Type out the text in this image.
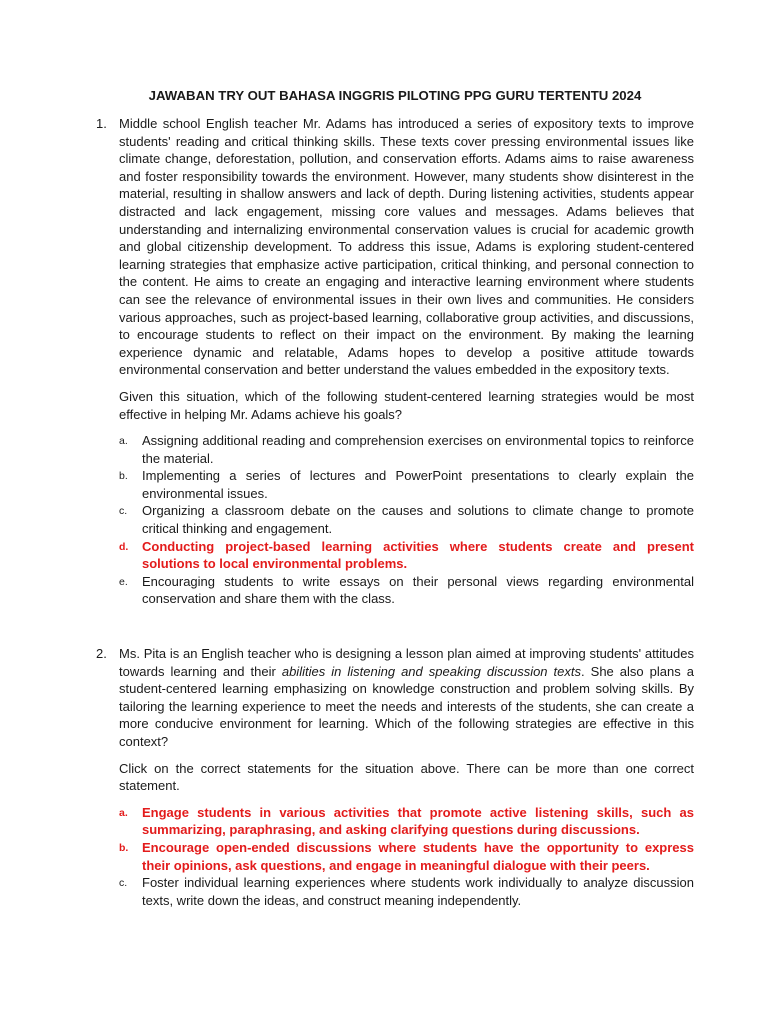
JAWABAN TRY OUT BAHASA INGGRIS PILOTING PPG GURU TERTENTU 2024
1. Middle school English teacher Mr. Adams has introduced a series of expository texts to improve students' reading and critical thinking skills. These texts cover pressing environmental issues like climate change, deforestation, pollution, and conservation efforts. Adams aims to raise awareness and foster responsibility towards the environment. However, many students show disinterest in the material, resulting in shallow answers and lack of depth. During listening activities, students appear distracted and lack engagement, missing core values and messages. Adams believes that understanding and internalizing environmental conservation values is crucial for academic growth and global citizenship development. To address this issue, Adams is exploring student-centered learning strategies that emphasize active participation, critical thinking, and personal connection to the content. He aims to create an engaging and interactive learning environment where students can see the relevance of environmental issues in their own lives and communities. He considers various approaches, such as project-based learning, collaborative group activities, and discussions, to encourage students to reflect on their impact on the environment. By making the learning experience dynamic and relatable, Adams hopes to develop a positive attitude towards environmental conservation and better understand the values embedded in the expository texts.

Given this situation, which of the following student-centered learning strategies would be most effective in helping Mr. Adams achieve his goals?

a. Assigning additional reading and comprehension exercises on environmental topics to reinforce the material.
b. Implementing a series of lectures and PowerPoint presentations to clearly explain the environmental issues.
c. Organizing a classroom debate on the causes and solutions to climate change to promote critical thinking and engagement.
d. Conducting project-based learning activities where students create and present solutions to local environmental problems.
e. Encouraging students to write essays on their personal views regarding environmental conservation and share them with the class.
2. Ms. Pita is an English teacher who is designing a lesson plan aimed at improving students' attitudes towards learning and their abilities in listening and speaking discussion texts. She also plans a student-centered learning emphasizing on knowledge construction and problem solving skills. By tailoring the learning experience to meet the needs and interests of the students, she can create a more conducive environment for learning. Which of the following strategies are effective in this context?

Click on the correct statements for the situation above. There can be more than one correct statement.

a. Engage students in various activities that promote active listening skills, such as summarizing, paraphrasing, and asking clarifying questions during discussions.
b. Encourage open-ended discussions where students have the opportunity to express their opinions, ask questions, and engage in meaningful dialogue with their peers.
c. Foster individual learning experiences where students work individually to analyze discussion texts, write down the ideas, and construct meaning independently.
